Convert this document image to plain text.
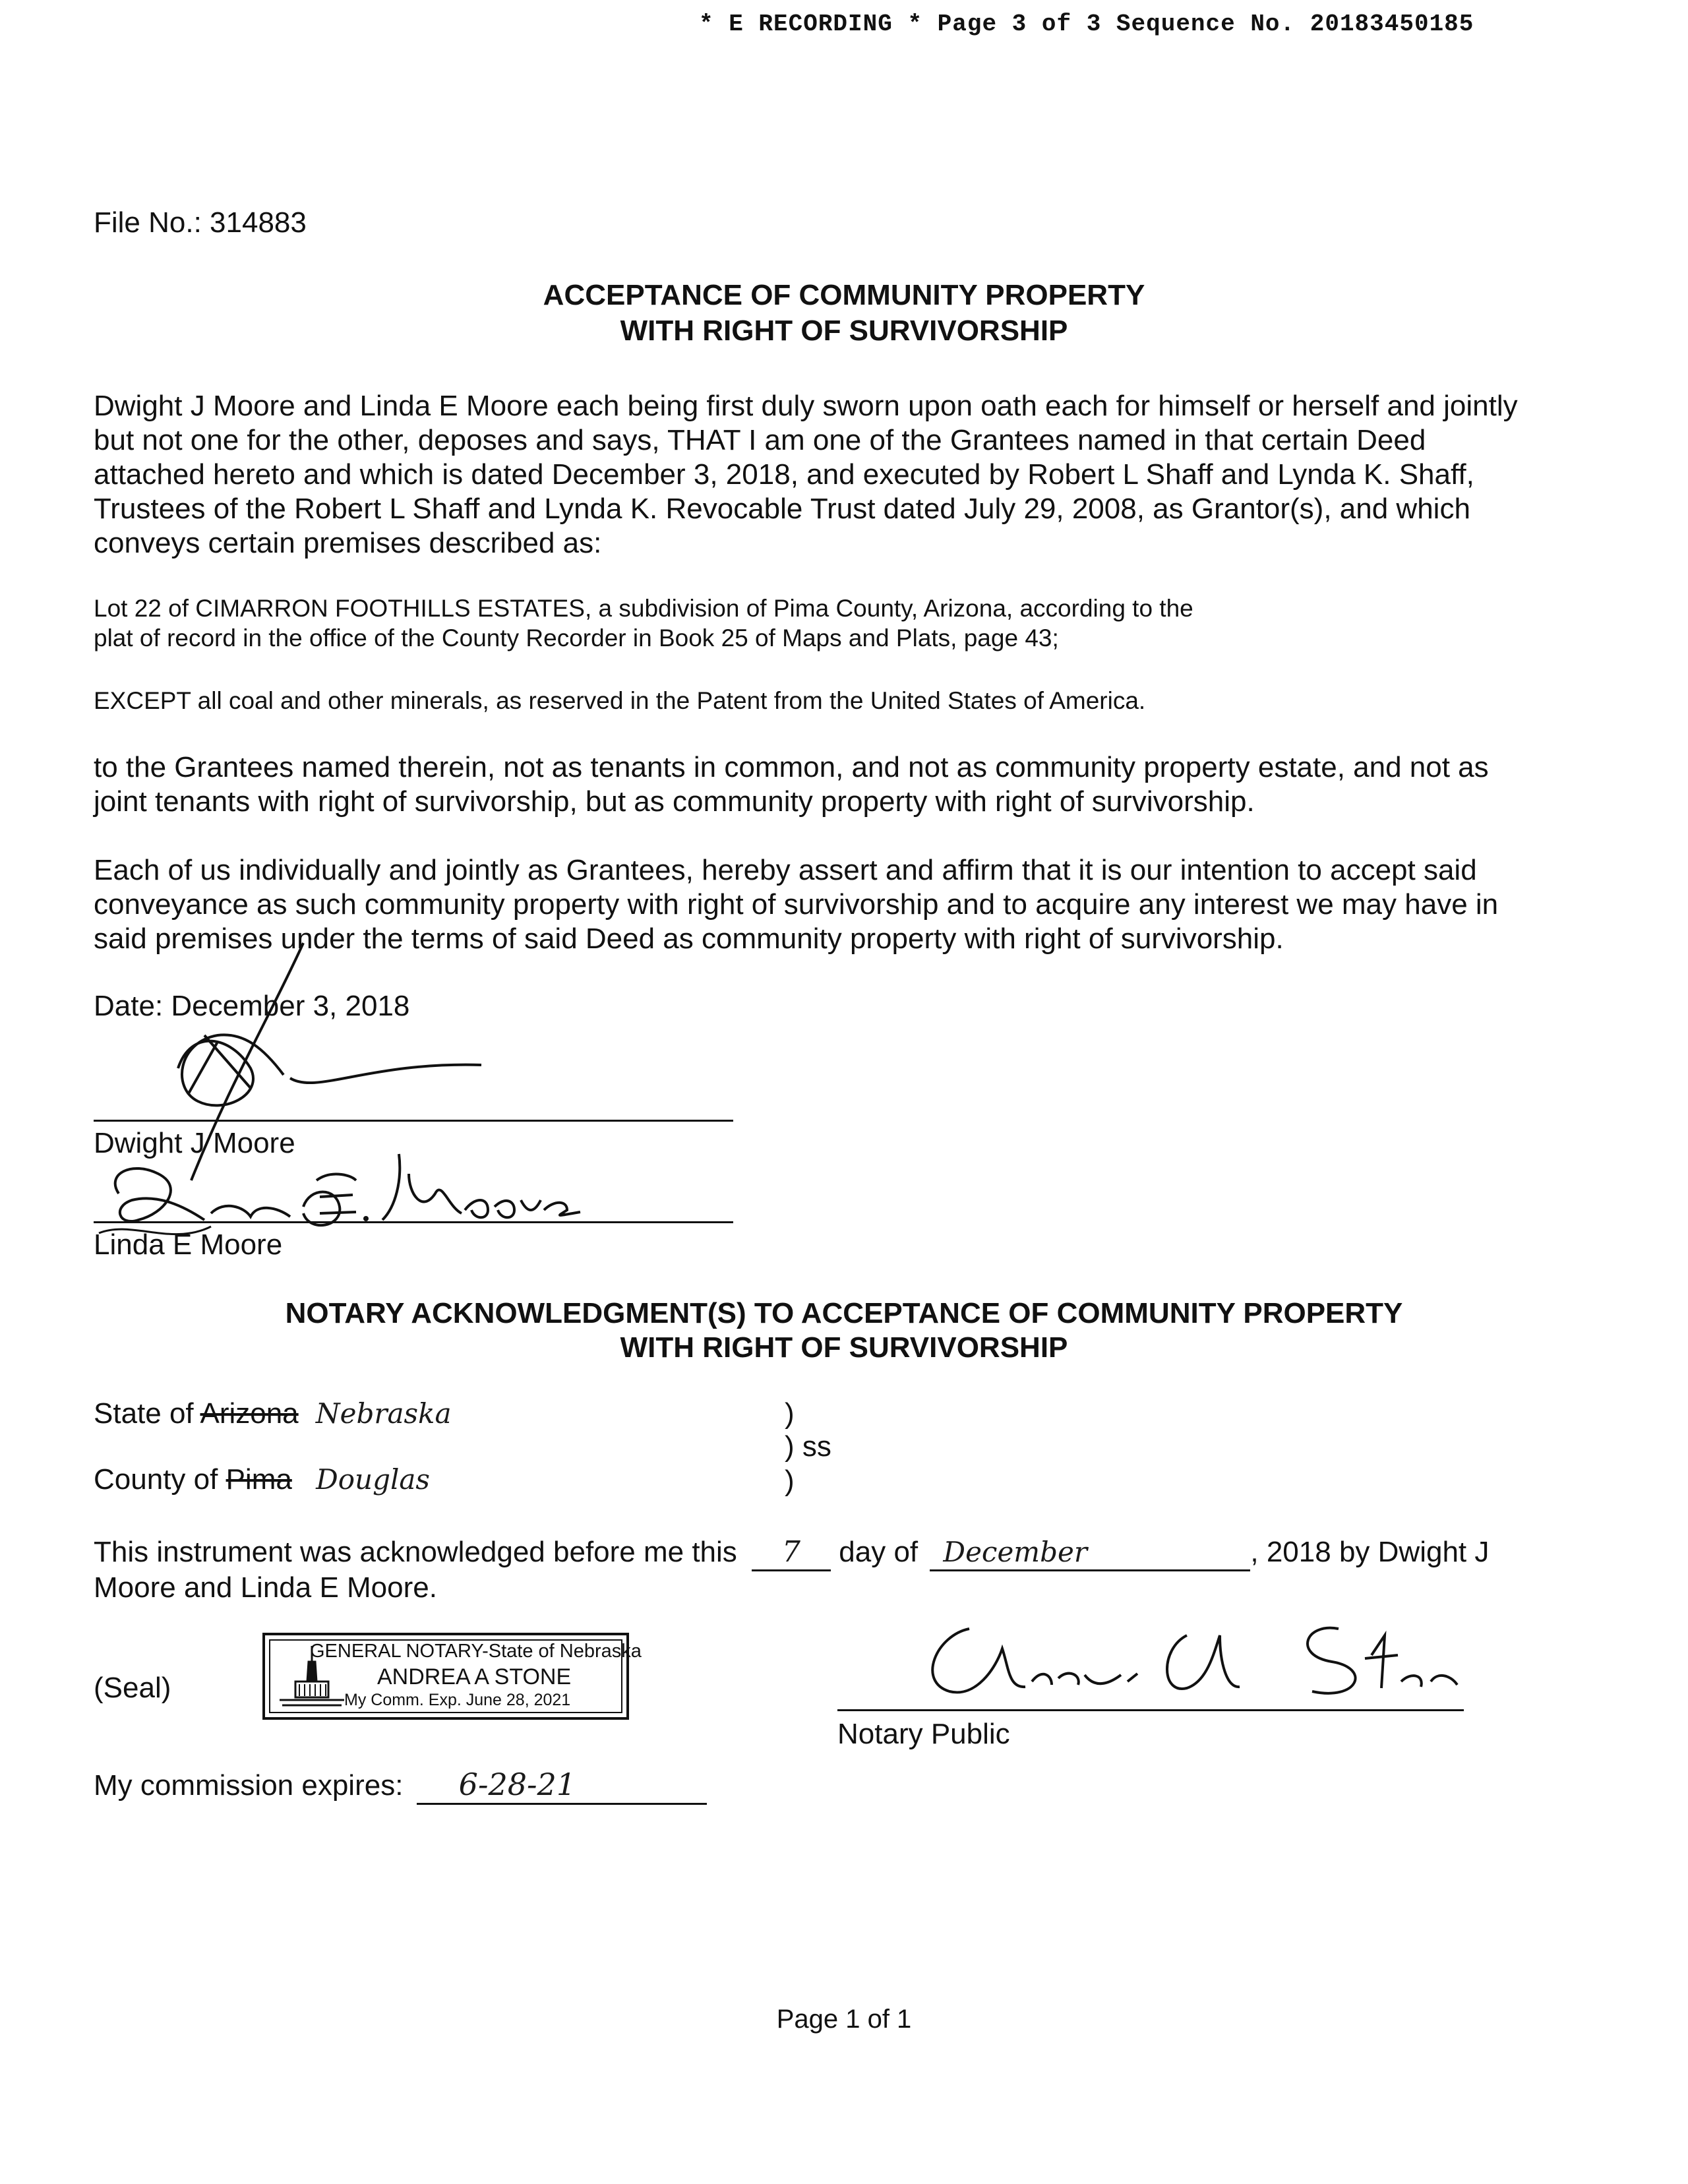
* E RECORDING * Page 3 of 3 Sequence No. 20183450185
File No.: 314883
ACCEPTANCE OF COMMUNITY PROPERTY
WITH RIGHT OF SURVIVORSHIP
Dwight J Moore and Linda E Moore each being first duly sworn upon oath each for himself or herself and jointly
but not one for the other, deposes and says, THAT I am one of the Grantees named in that certain Deed
attached hereto and which is dated December 3, 2018, and executed by Robert L Shaff and Lynda K. Shaff,
Trustees of the Robert L Shaff and Lynda K. Revocable Trust dated July 29, 2008, as Grantor(s), and which
conveys certain premises described as:
Lot 22 of CIMARRON FOOTHILLS ESTATES, a subdivision of Pima County, Arizona, according to the
plat of record in the office of the County Recorder in Book 25 of Maps and Plats, page 43;
EXCEPT all coal and other minerals, as reserved in the Patent from the United States of America.
to the Grantees named therein, not as tenants in common, and not as community property estate, and not as
joint tenants with right of survivorship, but as community property with right of survivorship.
Each of us individually and jointly as Grantees, hereby assert and affirm that it is our intention to accept said
conveyance as such community property with right of survivorship and to acquire any interest we may have in
said premises under the terms of said Deed as community property with right of survivorship.
Date: December 3, 2018
Dwight J Moore
Linda E Moore
NOTARY ACKNOWLEDGMENT(S) TO ACCEPTANCE OF COMMUNITY PROPERTY
WITH RIGHT OF SURVIVORSHIP
State of Arizona Nebraska	)
) ss
)
County of Pima Douglas
This instrument was acknowledged before me this 7 day of December	, 2018 by Dwight J
Moore and Linda E Moore.
(Seal)
GENERAL NOTARY-State of Nebraska
ANDREA A STONE
My Comm. Exp. June 28, 2021
Notary Public
My commission expires: 6-28-21
Page 1 of 1
